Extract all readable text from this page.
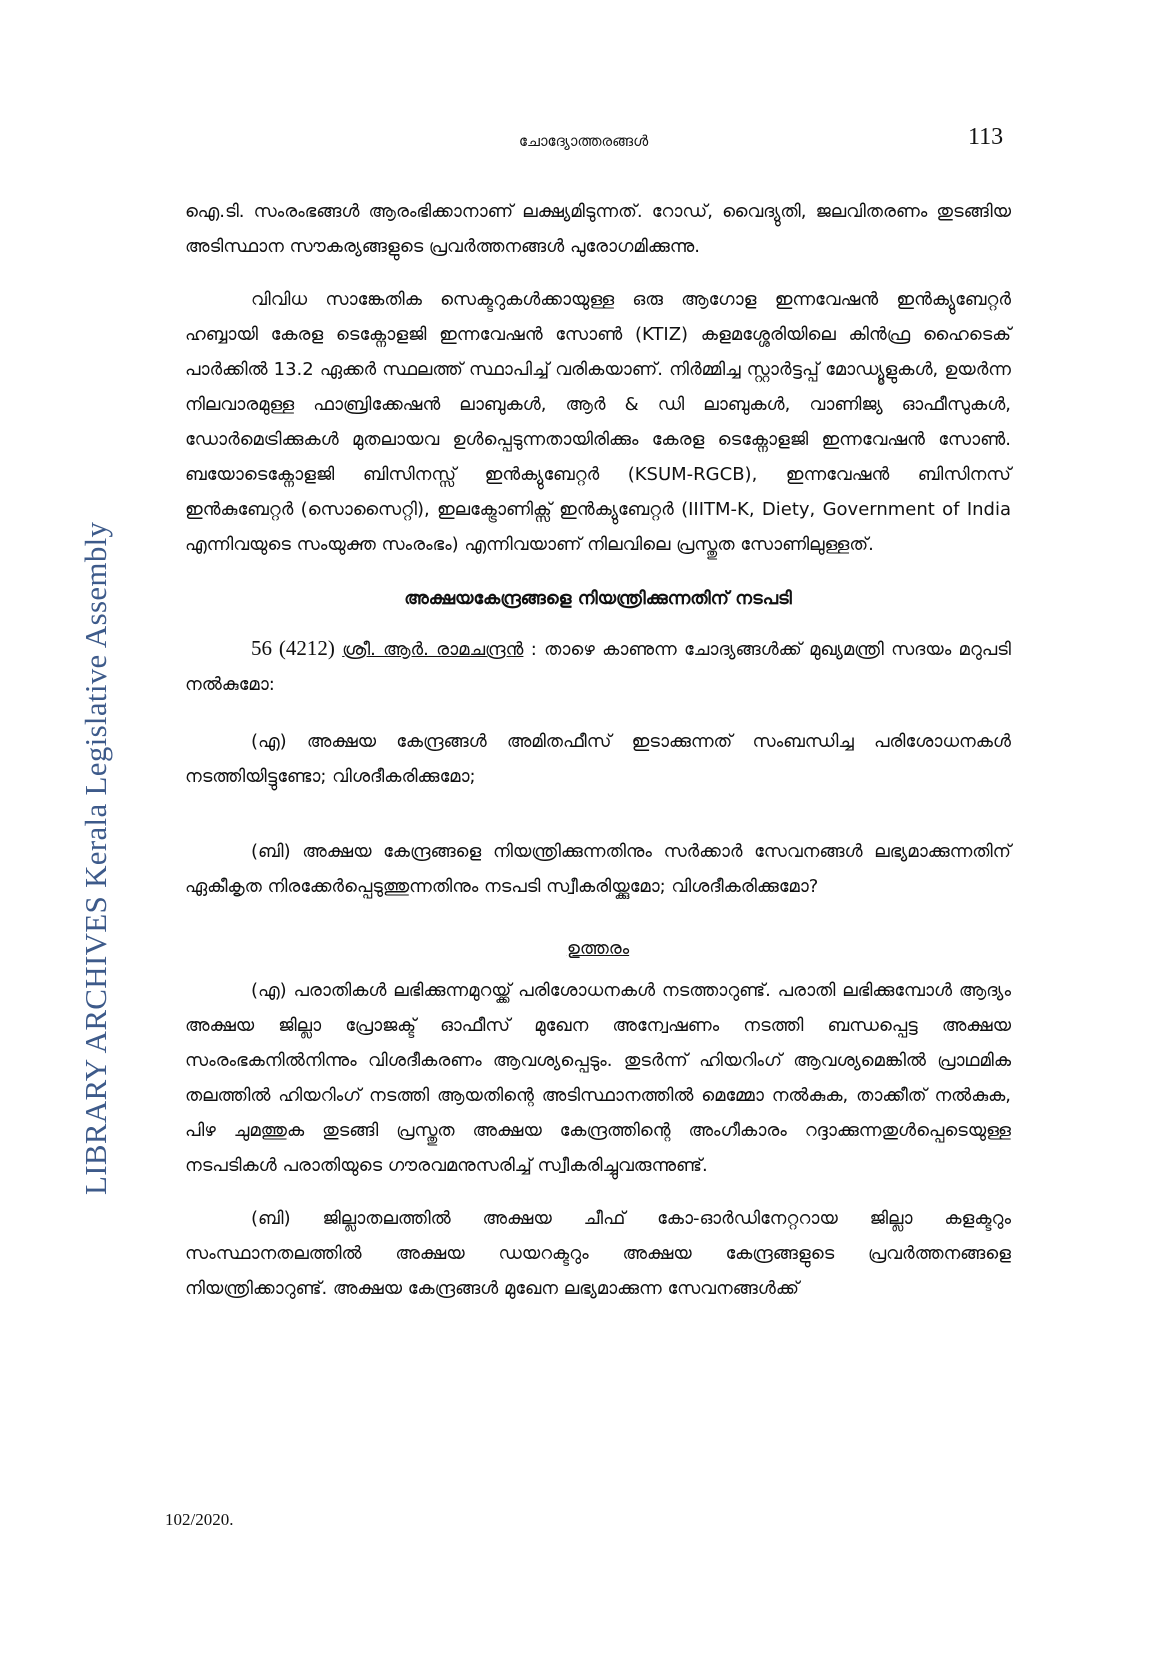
ചോദ്യോത്തരങ്ങൾ	113
LIBRARY ARCHIVES Kerala Legislative Assembly

ഐ.ടി. സംരംഭങ്ങൾ ആരംഭിക്കാനാണ് ലക്ഷ്യമിടുന്നത്. റോഡ്, വൈദ്യുതി, ജലവിതരണം തുടങ്ങിയ അടിസ്ഥാന സൗകര്യങ്ങളുടെ പ്രവർത്തനങ്ങൾ പുരോഗമിക്കുന്നു.

വിവിധ സാങ്കേതിക സെക്ടറുകൾക്കായുള്ള ഒരു ആഗോള ഇന്നവേഷൻ ഇൻക്യുബേറ്റർ ഹബ്ബായി കേരള ടെക്നോളജി ഇന്നവേഷൻ സോൺ (KTIZ) കളമശ്ശേരിയിലെ കിൻഫ്ര ഹൈടെക് പാർക്കിൽ 13.2 ഏക്കർ സ്ഥലത്ത് സ്ഥാപിച്ച് വരികയാണ്. നിർമ്മിച്ച സ്റ്റാർട്ടപ്പ് മോഡ്യൂളുകൾ, ഉയർന്ന നിലവാരമുള്ള ഫാബ്രിക്കേഷൻ ലാബുകൾ, ആർ & ഡി ലാബുകൾ, വാണിജ്യ ഓഫീസുകൾ, ഡോർമെട്രിക്കുകൾ മുതലായവ ഉൾപ്പെടുന്നതായിരിക്കും കേരള ടെക്നോളജി ഇന്നവേഷൻ സോൺ. ബയോടെക്നോളജി ബിസിനസ്സ് ഇൻക്യുബേറ്റർ (KSUM-RGCB), ഇന്നവേഷൻ ബിസിനസ് ഇൻകുബേറ്റർ (സൊസൈറ്റി), ഇലക്ട്രോണിക്സ് ഇൻക്യുബേറ്റർ (IIITM-K, Diety, Government of India എന്നിവയുടെ സംയുക്ത സംരംഭം) എന്നിവയാണ് നിലവിലെ പ്രസ്തുത സോണിലുള്ളത്.

അക്ഷയകേന്ദ്രങ്ങളെ നിയന്ത്രിക്കുന്നതിന് നടപടി

56 (4212) ശ്രീ. ആർ. രാമചന്ദ്രൻ : താഴെ കാണുന്ന ചോദ്യങ്ങൾക്ക് മുഖ്യമന്ത്രി സദയം മറുപടി നൽകുമോ:

(എ) അക്ഷയ കേന്ദ്രങ്ങൾ അമിതഫീസ് ഇടാക്കുന്നത് സംബന്ധിച്ച പരിശോധനകൾ നടത്തിയിട്ടുണ്ടോ; വിശദീകരിക്കുമോ;

(ബി) അക്ഷയ കേന്ദ്രങ്ങളെ നിയന്ത്രിക്കുന്നതിനും സർക്കാർ സേവനങ്ങൾ ലഭ്യമാക്കുന്നതിന് ഏകീകൃത നിരക്കേർപ്പെടുത്തുന്നതിനും നടപടി സ്വീകരിയ്ക്കുമോ; വിശദീകരിക്കുമോ?

ഉത്തരം

(എ) പരാതികൾ ലഭിക്കുന്നമുറയ്ക്ക് പരിശോധനകൾ നടത്താറുണ്ട്. പരാതി ലഭിക്കുമ്പോൾ ആദ്യം അക്ഷയ ജില്ലാ പ്രോജക്ട് ഓഫീസ് മുഖേന അന്വേഷണം നടത്തി ബന്ധപ്പെട്ട അക്ഷയ സംരംഭകനിൽനിന്നും വിശദീകരണം ആവശ്യപ്പെടും. തുടർന്ന് ഹിയറിംഗ് ആവശ്യമെങ്കിൽ പ്രാഥമിക തലത്തിൽ ഹിയറിംഗ് നടത്തി ആയതിന്റെ അടിസ്ഥാനത്തിൽ മെമ്മോ നൽകുക, താക്കീത് നൽകുക, പിഴ ചുമത്തുക തുടങ്ങി പ്രസ്തുത അക്ഷയ കേന്ദ്രത്തിന്റെ അംഗീകാരം റദ്ദാക്കുന്നതുൾപ്പെടെയുള്ള നടപടികൾ പരാതിയുടെ ഗൗരവമനുസരിച്ച് സ്വീകരിച്ചുവരുന്നുണ്ട്.

(ബി) ജില്ലാതലത്തിൽ അക്ഷയ ചീഫ് കോ-ഓർഡിനേറ്ററായ ജില്ലാ കളക്ടറും സംസ്ഥാനതലത്തിൽ അക്ഷയ ഡയറക്ടറും അക്ഷയ കേന്ദ്രങ്ങളുടെ പ്രവർത്തനങ്ങളെ നിയന്ത്രിക്കാറുണ്ട്. അക്ഷയ കേന്ദ്രങ്ങൾ മുഖേന ലഭ്യമാക്കുന്ന സേവനങ്ങൾക്ക്

102/2020.
